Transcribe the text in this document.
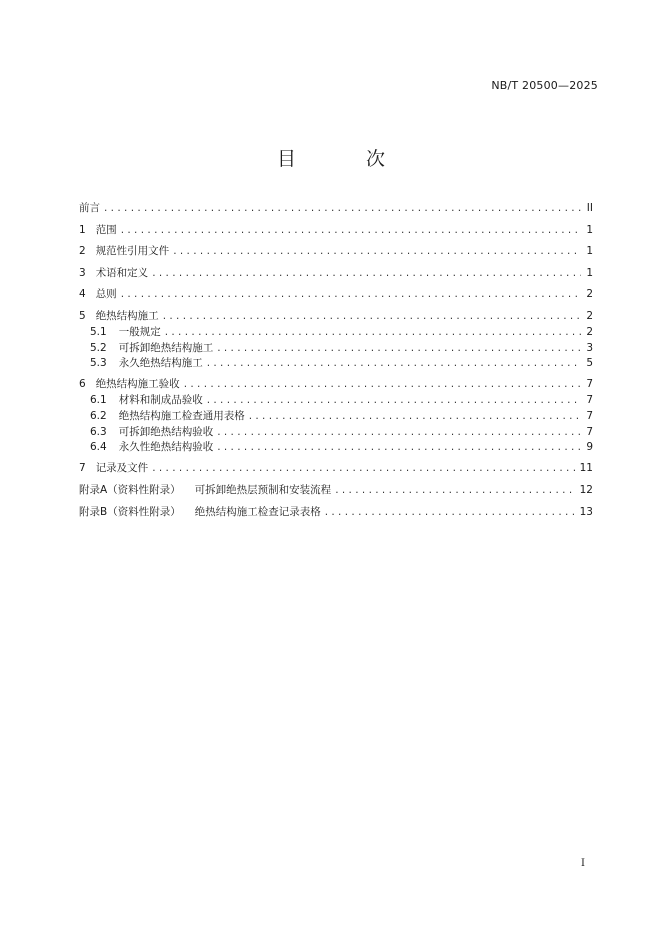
NB/T 20500—2025
目 次
前言 . . .	II
1 范围 . . .	1
2 规范性引用文件 . . .	1
3 术语和定义 . . .	1
4 总则 . . .	2
5 绝热结构施工 . . .	2
5.1	一般规定 . . .	2
5.2	可拆卸绝热结构施工 . . .	3
5.3	永久绝热结构施工 . . .	5
6 绝热结构施工验收 . . .	7
6.1	材料和制成品验收 . . .	7
6.2	绝热结构施工检查通用表格 . . .	7
6.3	可拆卸绝热结构验收 . . .	7
6.4	永久性绝热结构验收 . . .	9
7 记录及文件 . . .	11
附录A（资料性附录）	可拆卸绝热层预制和安装流程 . . .	12
附录B（资料性附录）	绝热结构施工检查记录表格 . . .	13
I
